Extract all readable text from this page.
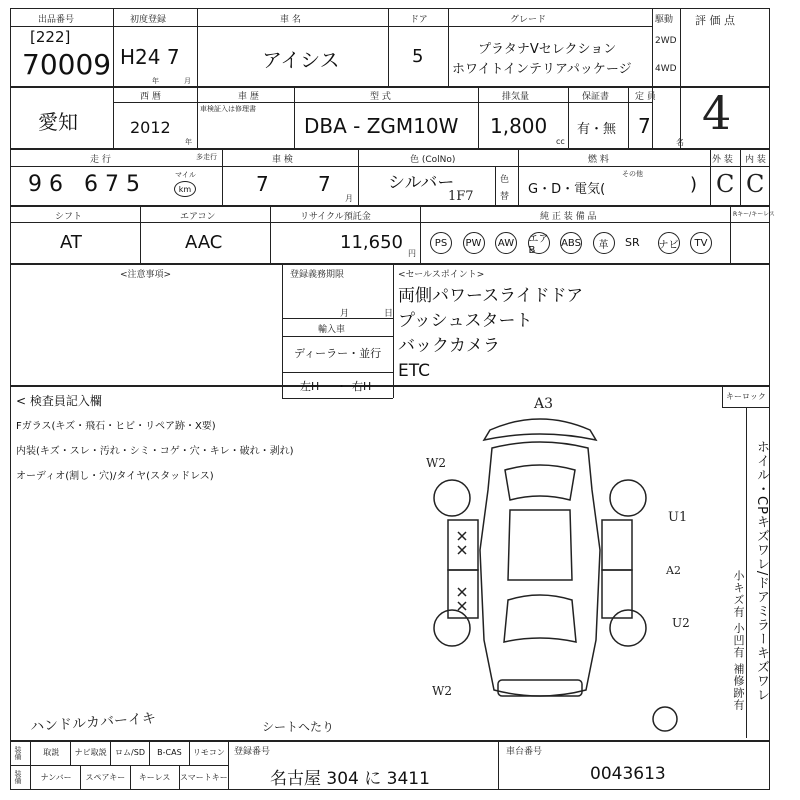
出品番号
[222]
70009
初度登録
H24 7
年	月
車 名
アイシス
ドア
5
グレード
プラタナVセレクション
ホワイトインテリアパッケージ
駆動
2WD
4WD
評 価 点
4
愛知
西 暦
2012
年
車 歴
車検証入は修理書
型 式
DBA - ZGM10W
排気量
1,800
cc
保証書
有・無
定 員
7
名
走 行	多走行
96 675	マイル
km
車 検
7 7
月
色 (ColNo)
シルバー
1F7
色
替
燃 料
G・D・電気(
その他	)
外 装
C
内 装
C
シフト
AT
エアコン
AAC
リサイクル預託金
11,650
円
純 正 装 備 品	Rキー/キーレス
PS	PW	AW エアB
ABS	革	SR ナビ	TV
<注意事項>	登録義務期限
月	日
輸入車
ディーラー・並行
左H ・ 右H
<セールスポイント>
両側パワースライドドア
プッシュスタート
バックカメラ
ETC
< 検査員記入欄
Fガラス(キズ・飛石・ヒビ・リペア跡・X要)
内装(キズ・スレ・汚れ・シミ・コゲ・穴・キレ・破れ・剥れ)
オーディオ(割し・穴)/タイヤ(スタッドレス)
キーロック
ホイル・CPキズワレ/ドアミラーキズワレ
小キズ有 小凹有 補修跡有
ハンドルカバーイキ	シートヘたり
A3
W2
U1
A2
U2
W2
装備
装備
取説	ナビ取説	ロム/SD	B-CAS	リモコン
ナンバー	スペアキー	キーレス	スマートキー
登録番号
名古屋 304 に 3411
車台番号
0043613
